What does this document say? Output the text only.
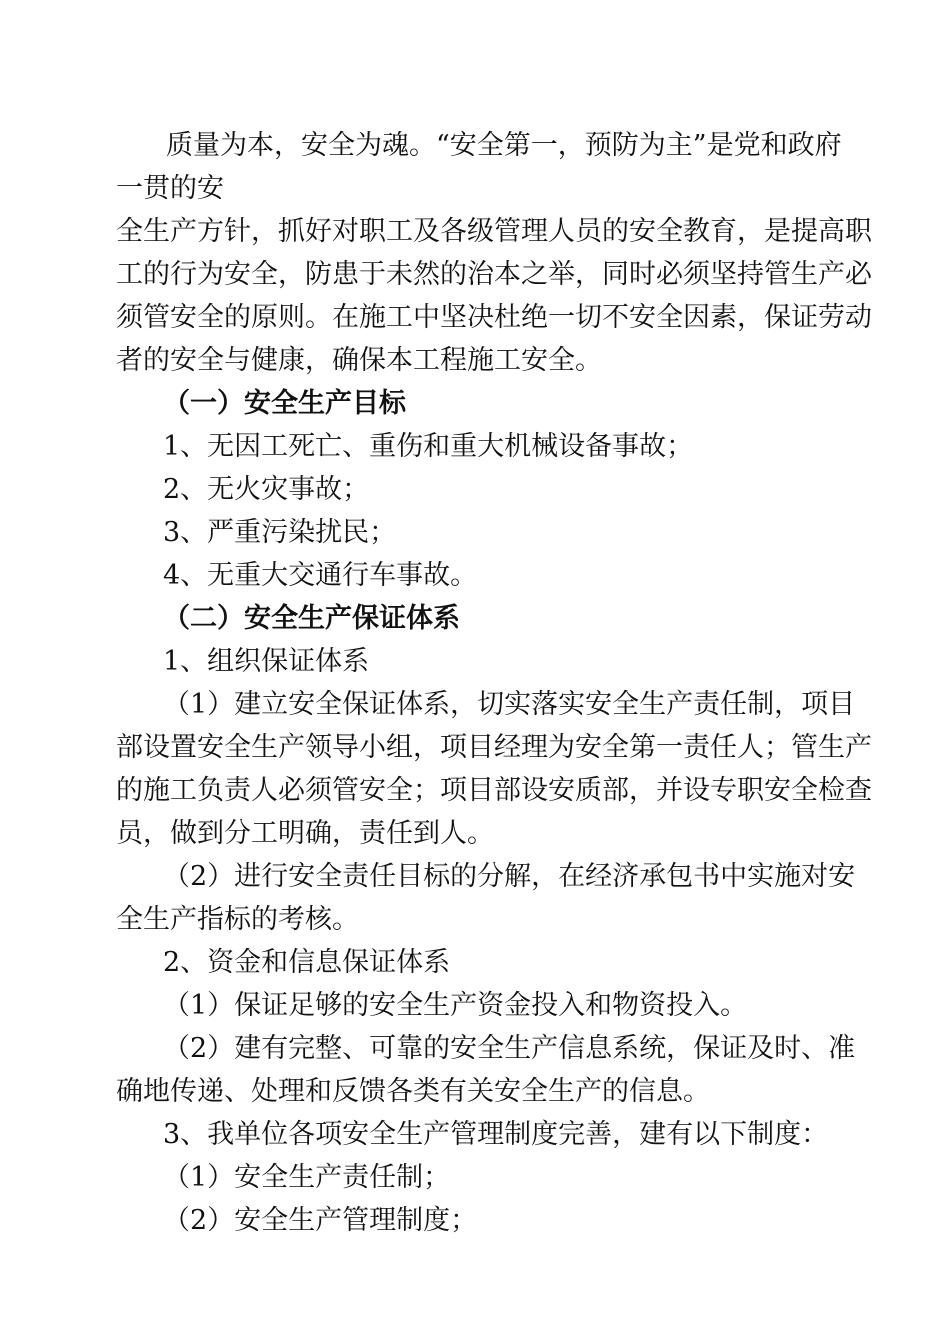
质量为本，安全为魂。“安全第一，预防为主”是党和政府

一贯的安

全生产方针，抓好对职工及各级管理人员的安全教育，是提高职

工的行为安全，防患于未然的治本之举，同时必须坚持管生产必

须管安全的原则。在施工中坚决杜绝一切不安全因素，保证劳动

者的安全与健康，确保本工程施工安全。

（一）安全生产目标

1、无因工死亡、重伤和重大机械设备事故；

2、无火灾事故；

3、严重污染扰民；

4、无重大交通行车事故。

（二）安全生产保证体系

1、组织保证体系

（1）建立安全保证体系，切实落实安全生产责任制，项目

部设置安全生产领导小组，项目经理为安全第一责任人；管生产

的施工负责人必须管安全；项目部设安质部，并设专职安全检查

员，做到分工明确，责任到人。

（2）进行安全责任目标的分解，在经济承包书中实施对安

全生产指标的考核。

2、资金和信息保证体系

（1）保证足够的安全生产资金投入和物资投入。

（2）建有完整、可靠的安全生产信息系统，保证及时、准

确地传递、处理和反馈各类有关安全生产的信息。

3、我单位各项安全生产管理制度完善，建有以下制度：

（1）安全生产责任制；

（2）安全生产管理制度；
